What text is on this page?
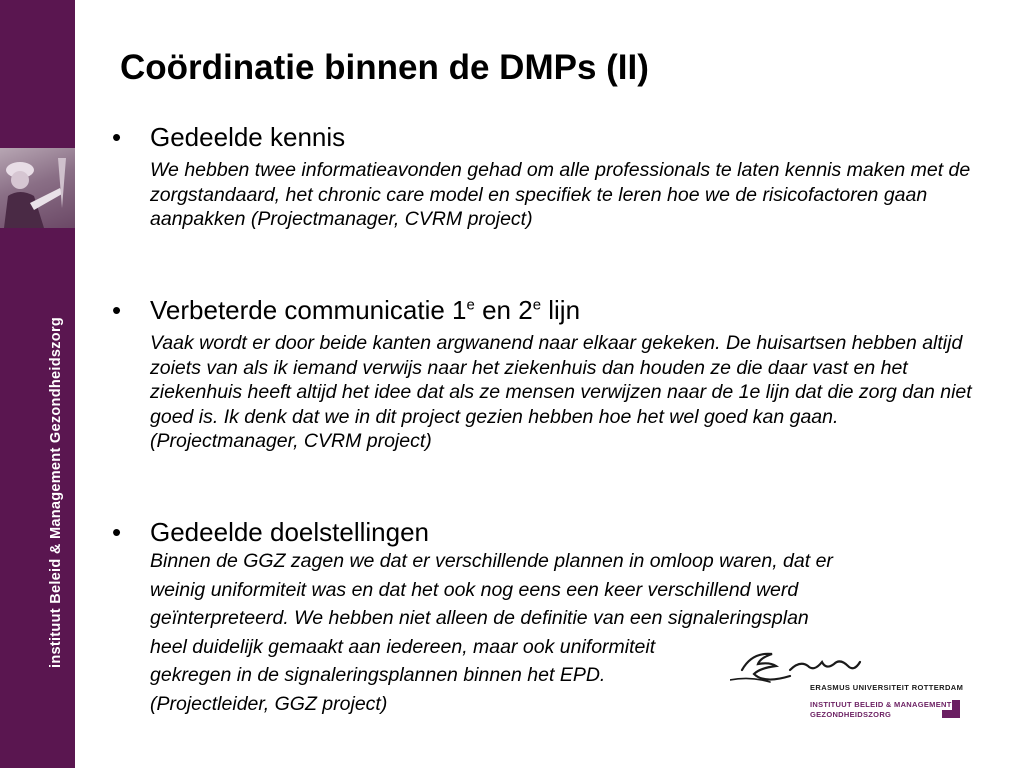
instituut Beleid & Management Gezondheidszorg
Coördinatie binnen de DMPs (II)
• Gedeelde kennis
We hebben twee informatieavonden gehad om alle professionals te laten kennis maken met de zorgstandaard, het chronic care model en specifiek te leren hoe we de risicofactoren gaan aanpakken (Projectmanager, CVRM project)
• Verbeterde communicatie 1e en 2e lijn
Vaak wordt er door beide kanten argwanend naar elkaar gekeken. De huisartsen hebben altijd zoiets van als ik iemand verwijs naar het ziekenhuis dan houden ze die daar vast en het ziekenhuis heeft altijd het idee dat als ze mensen verwijzen naar de 1e lijn dat die zorg dan niet goed is. Ik denk dat we in dit project gezien hebben hoe het wel goed kan gaan. (Projectmanager, CVRM project)
• Gedeelde doelstellingen
Binnen de GGZ zagen we dat er verschillende plannen in omloop waren, dat er
weinig uniformiteit was en dat het ook nog eens een keer verschillend werd
geïnterpreteerd. We hebben niet alleen de definitie van een signaleringsplan
heel duidelijk gemaakt aan iedereen, maar ook uniformiteit
gekregen in de signaleringsplannen binnen het EPD.
(Projectleider, GGZ project)
ERASMUS UNIVERSITEIT ROTTERDAM
INSTITUUT BELEID & MANAGEMENT
GEZONDHEIDSZORG
